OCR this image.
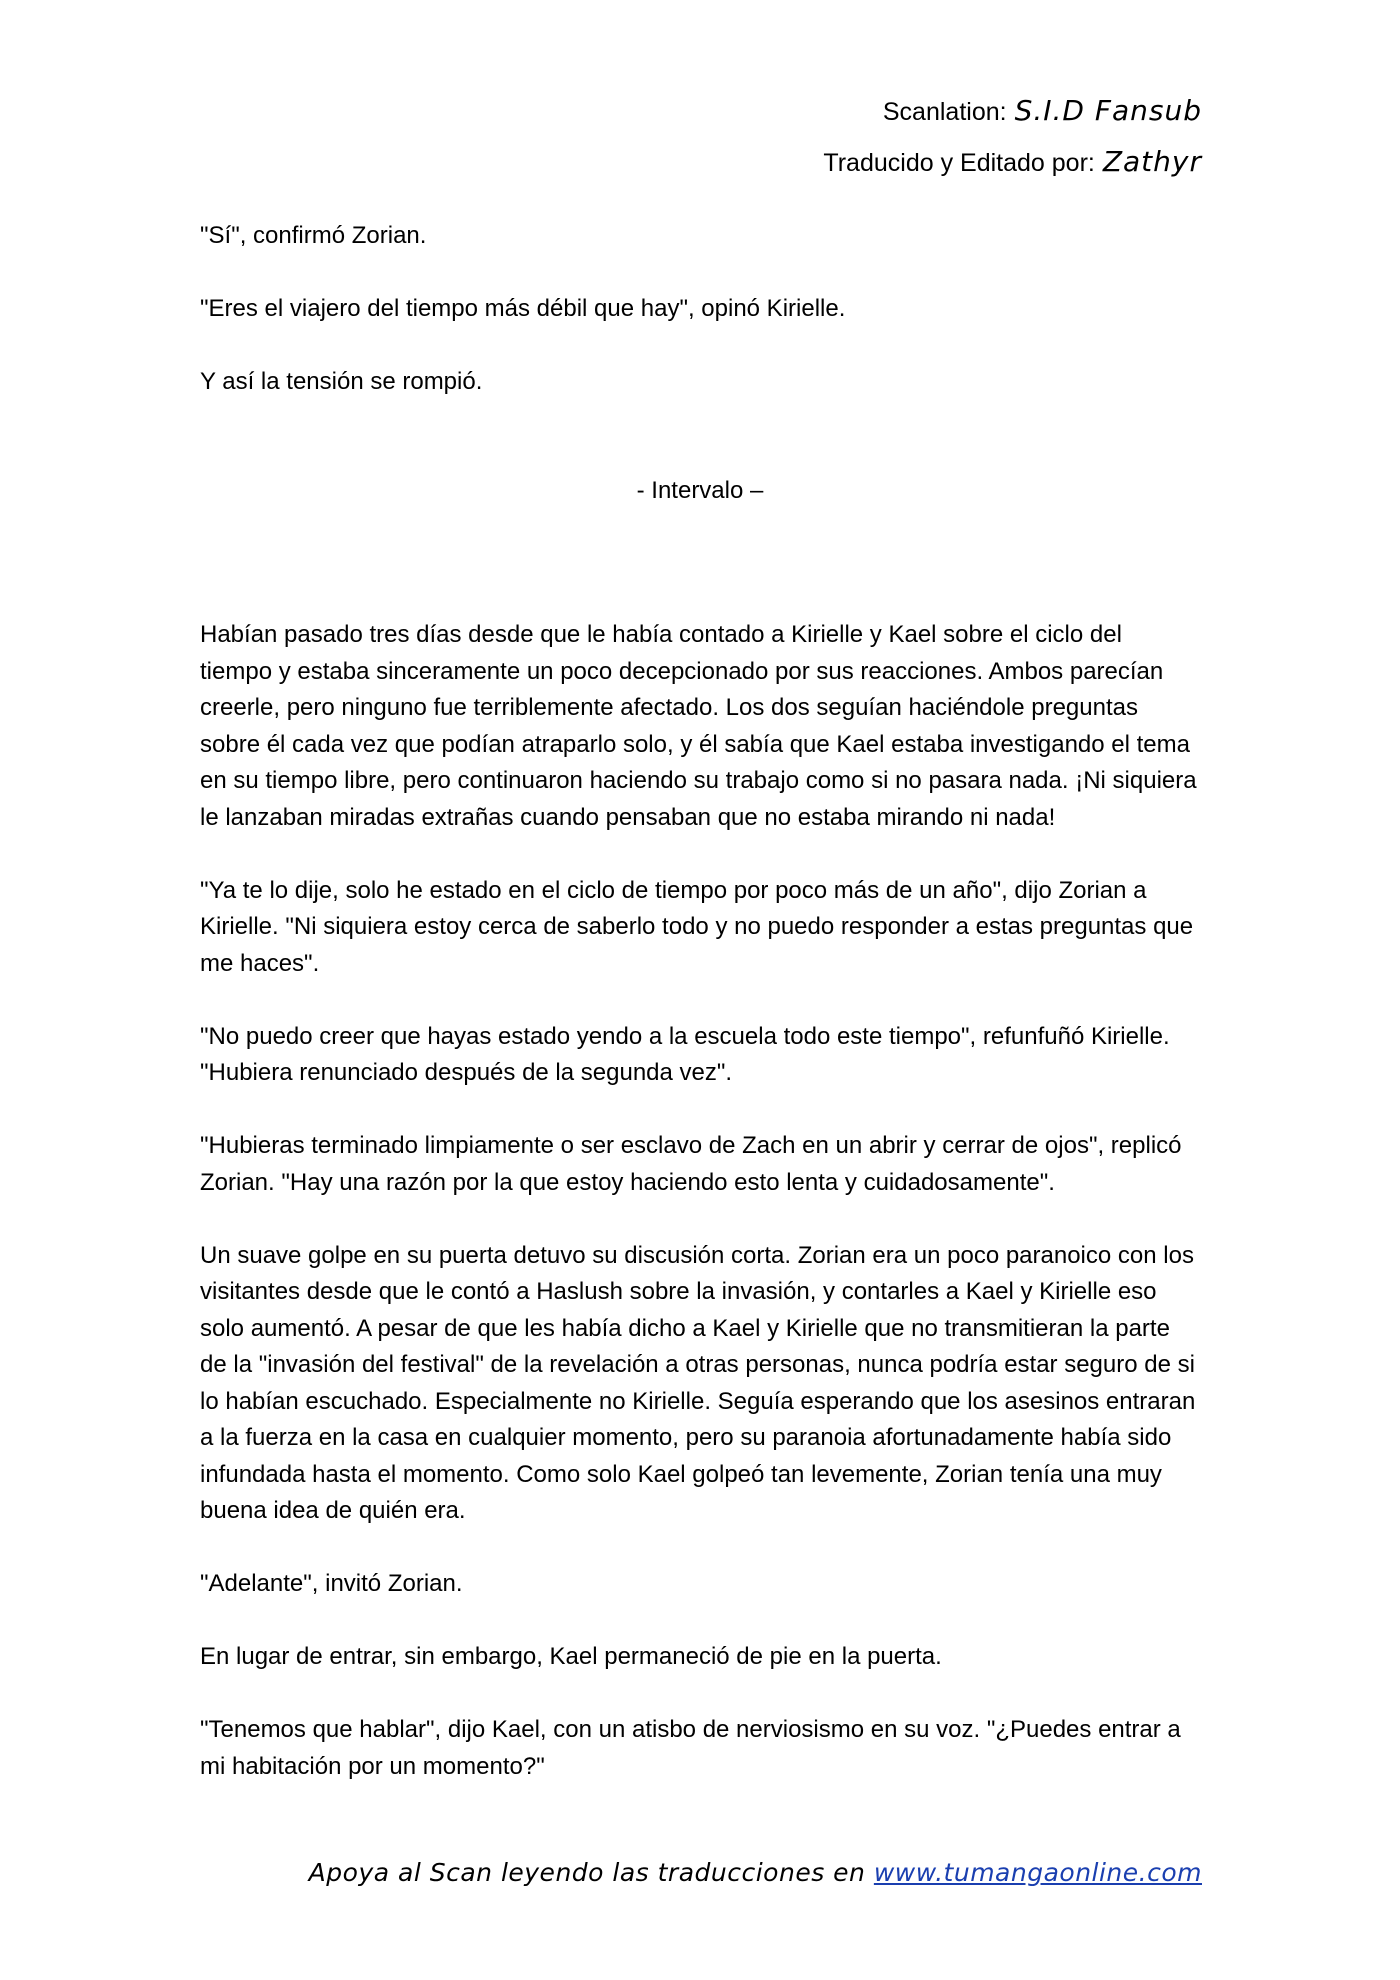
Scanlation: S.I.D Fansub
Traducido y Editado por: Zathyr

"Sí", confirmó Zorian.

"Eres el viajero del tiempo más débil que hay", opinó Kirielle.

Y así la tensión se rompió.

- Intervalo –

Habían pasado tres días desde que le había contado a Kirielle y Kael sobre el ciclo del tiempo y estaba sinceramente un poco decepcionado por sus reacciones. Ambos parecían creerle, pero ninguno fue terriblemente afectado. Los dos seguían haciéndole preguntas sobre él cada vez que podían atraparlo solo, y él sabía que Kael estaba investigando el tema en su tiempo libre, pero continuaron haciendo su trabajo como si no pasara nada. ¡Ni siquiera le lanzaban miradas extrañas cuando pensaban que no estaba mirando ni nada!

"Ya te lo dije, solo he estado en el ciclo de tiempo por poco más de un año", dijo Zorian a Kirielle. "Ni siquiera estoy cerca de saberlo todo y no puedo responder a estas preguntas que me haces".

"No puedo creer que hayas estado yendo a la escuela todo este tiempo", refunfuñó Kirielle. "Hubiera renunciado después de la segunda vez".

"Hubieras terminado limpiamente o ser esclavo de Zach en un abrir y cerrar de ojos", replicó Zorian. "Hay una razón por la que estoy haciendo esto lenta y cuidadosamente".

Un suave golpe en su puerta detuvo su discusión corta. Zorian era un poco paranoico con los visitantes desde que le contó a Haslush sobre la invasión, y contarles a Kael y Kirielle eso solo aumentó. A pesar de que les había dicho a Kael y Kirielle que no transmitieran la parte de la "invasión del festival" de la revelación a otras personas, nunca podría estar seguro de si lo habían escuchado. Especialmente no Kirielle. Seguía esperando que los asesinos entraran a la fuerza en la casa en cualquier momento, pero su paranoia afortunadamente había sido infundada hasta el momento. Como solo Kael golpeó tan levemente, Zorian tenía una muy buena idea de quién era.

"Adelante", invitó Zorian.

En lugar de entrar, sin embargo, Kael permaneció de pie en la puerta.

"Tenemos que hablar", dijo Kael, con un atisbo de nerviosismo en su voz. "¿Puedes entrar a mi habitación por un momento?"

Apoya al Scan leyendo las traducciones en www.tumangaonline.com
